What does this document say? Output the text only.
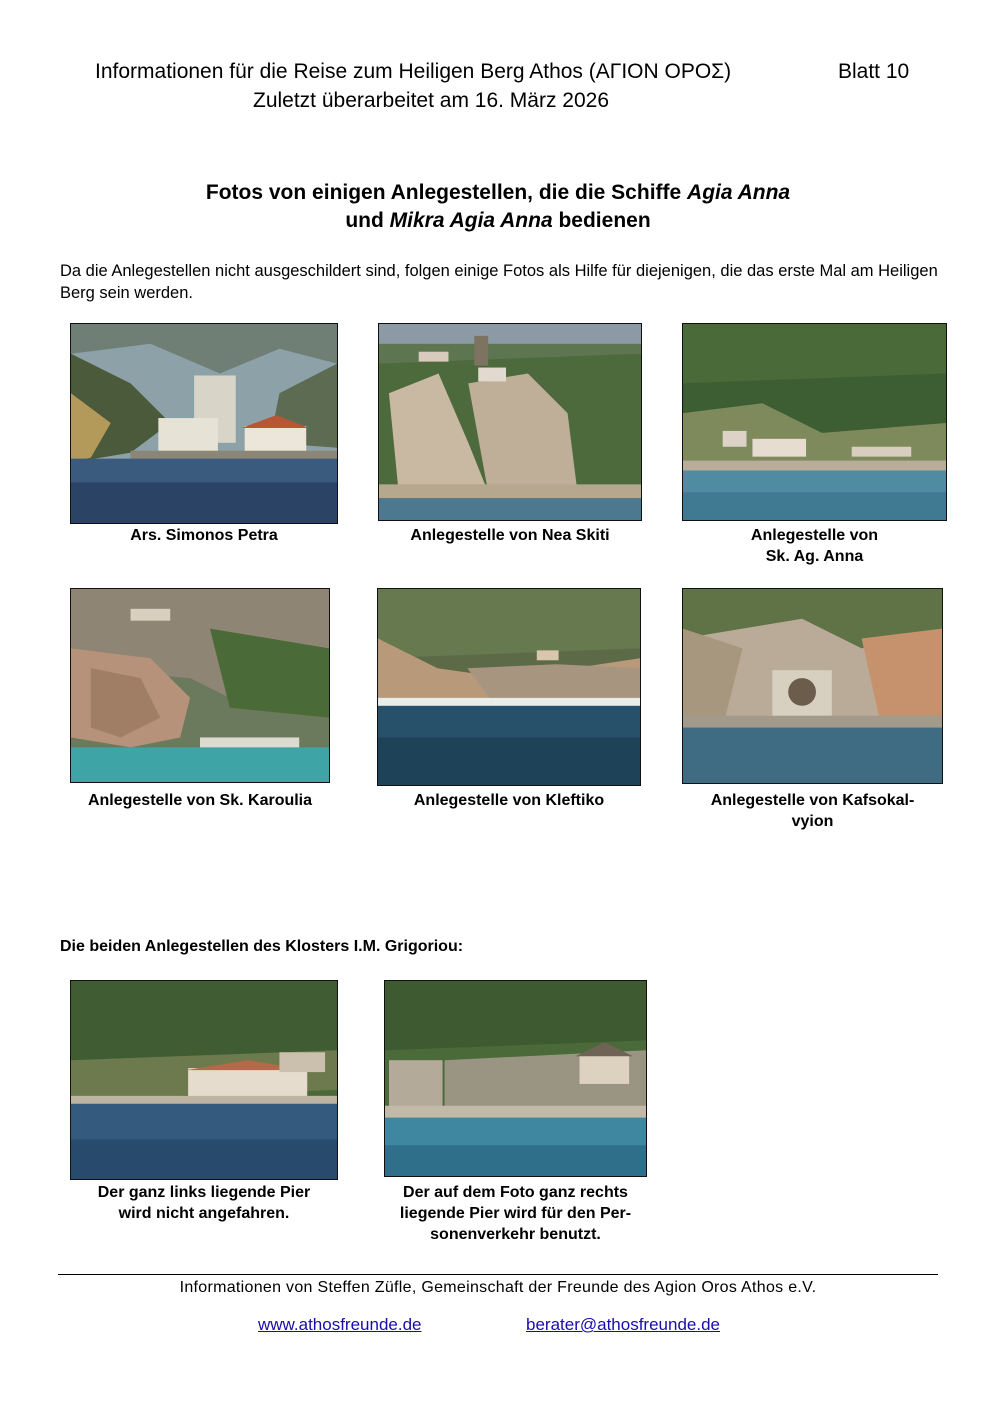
Informationen für die Reise zum Heiligen Berg Athos (ΑΓΙΟΝ ΟΡΟΣ)	Blatt 10
Zuletzt überarbeitet am 16. März 2026
Fotos von einigen Anlegestellen, die die Schiffe Agia Anna
und Mikra Agia Anna bedienen
Da die Anlegestellen nicht ausgeschildert sind, folgen einige Fotos als Hilfe für diejenigen, die das erste Mal am Heiligen Berg sein werden.
Ars. Simonos Petra	Anlegestelle von Nea Skiti	Anlegestelle von
Sk. Ag. Anna
Anlegestelle von Sk. Karoulia	Anlegestelle von Kleftiko	Anlegestelle von Kafsokal-
vyion
Die beiden Anlegestellen des Klosters I.M. Grigoriou:
Der ganz links liegende Pier
wird nicht angefahren.
Der auf dem Foto ganz rechts
liegende Pier wird für den Per-
sonenverkehr benutzt.
Informationen von Steffen Züfle, Gemeinschaft der Freunde des Agion Oros Athos e.V.
www.athosfreunde.de	berater@athosfreunde.de
